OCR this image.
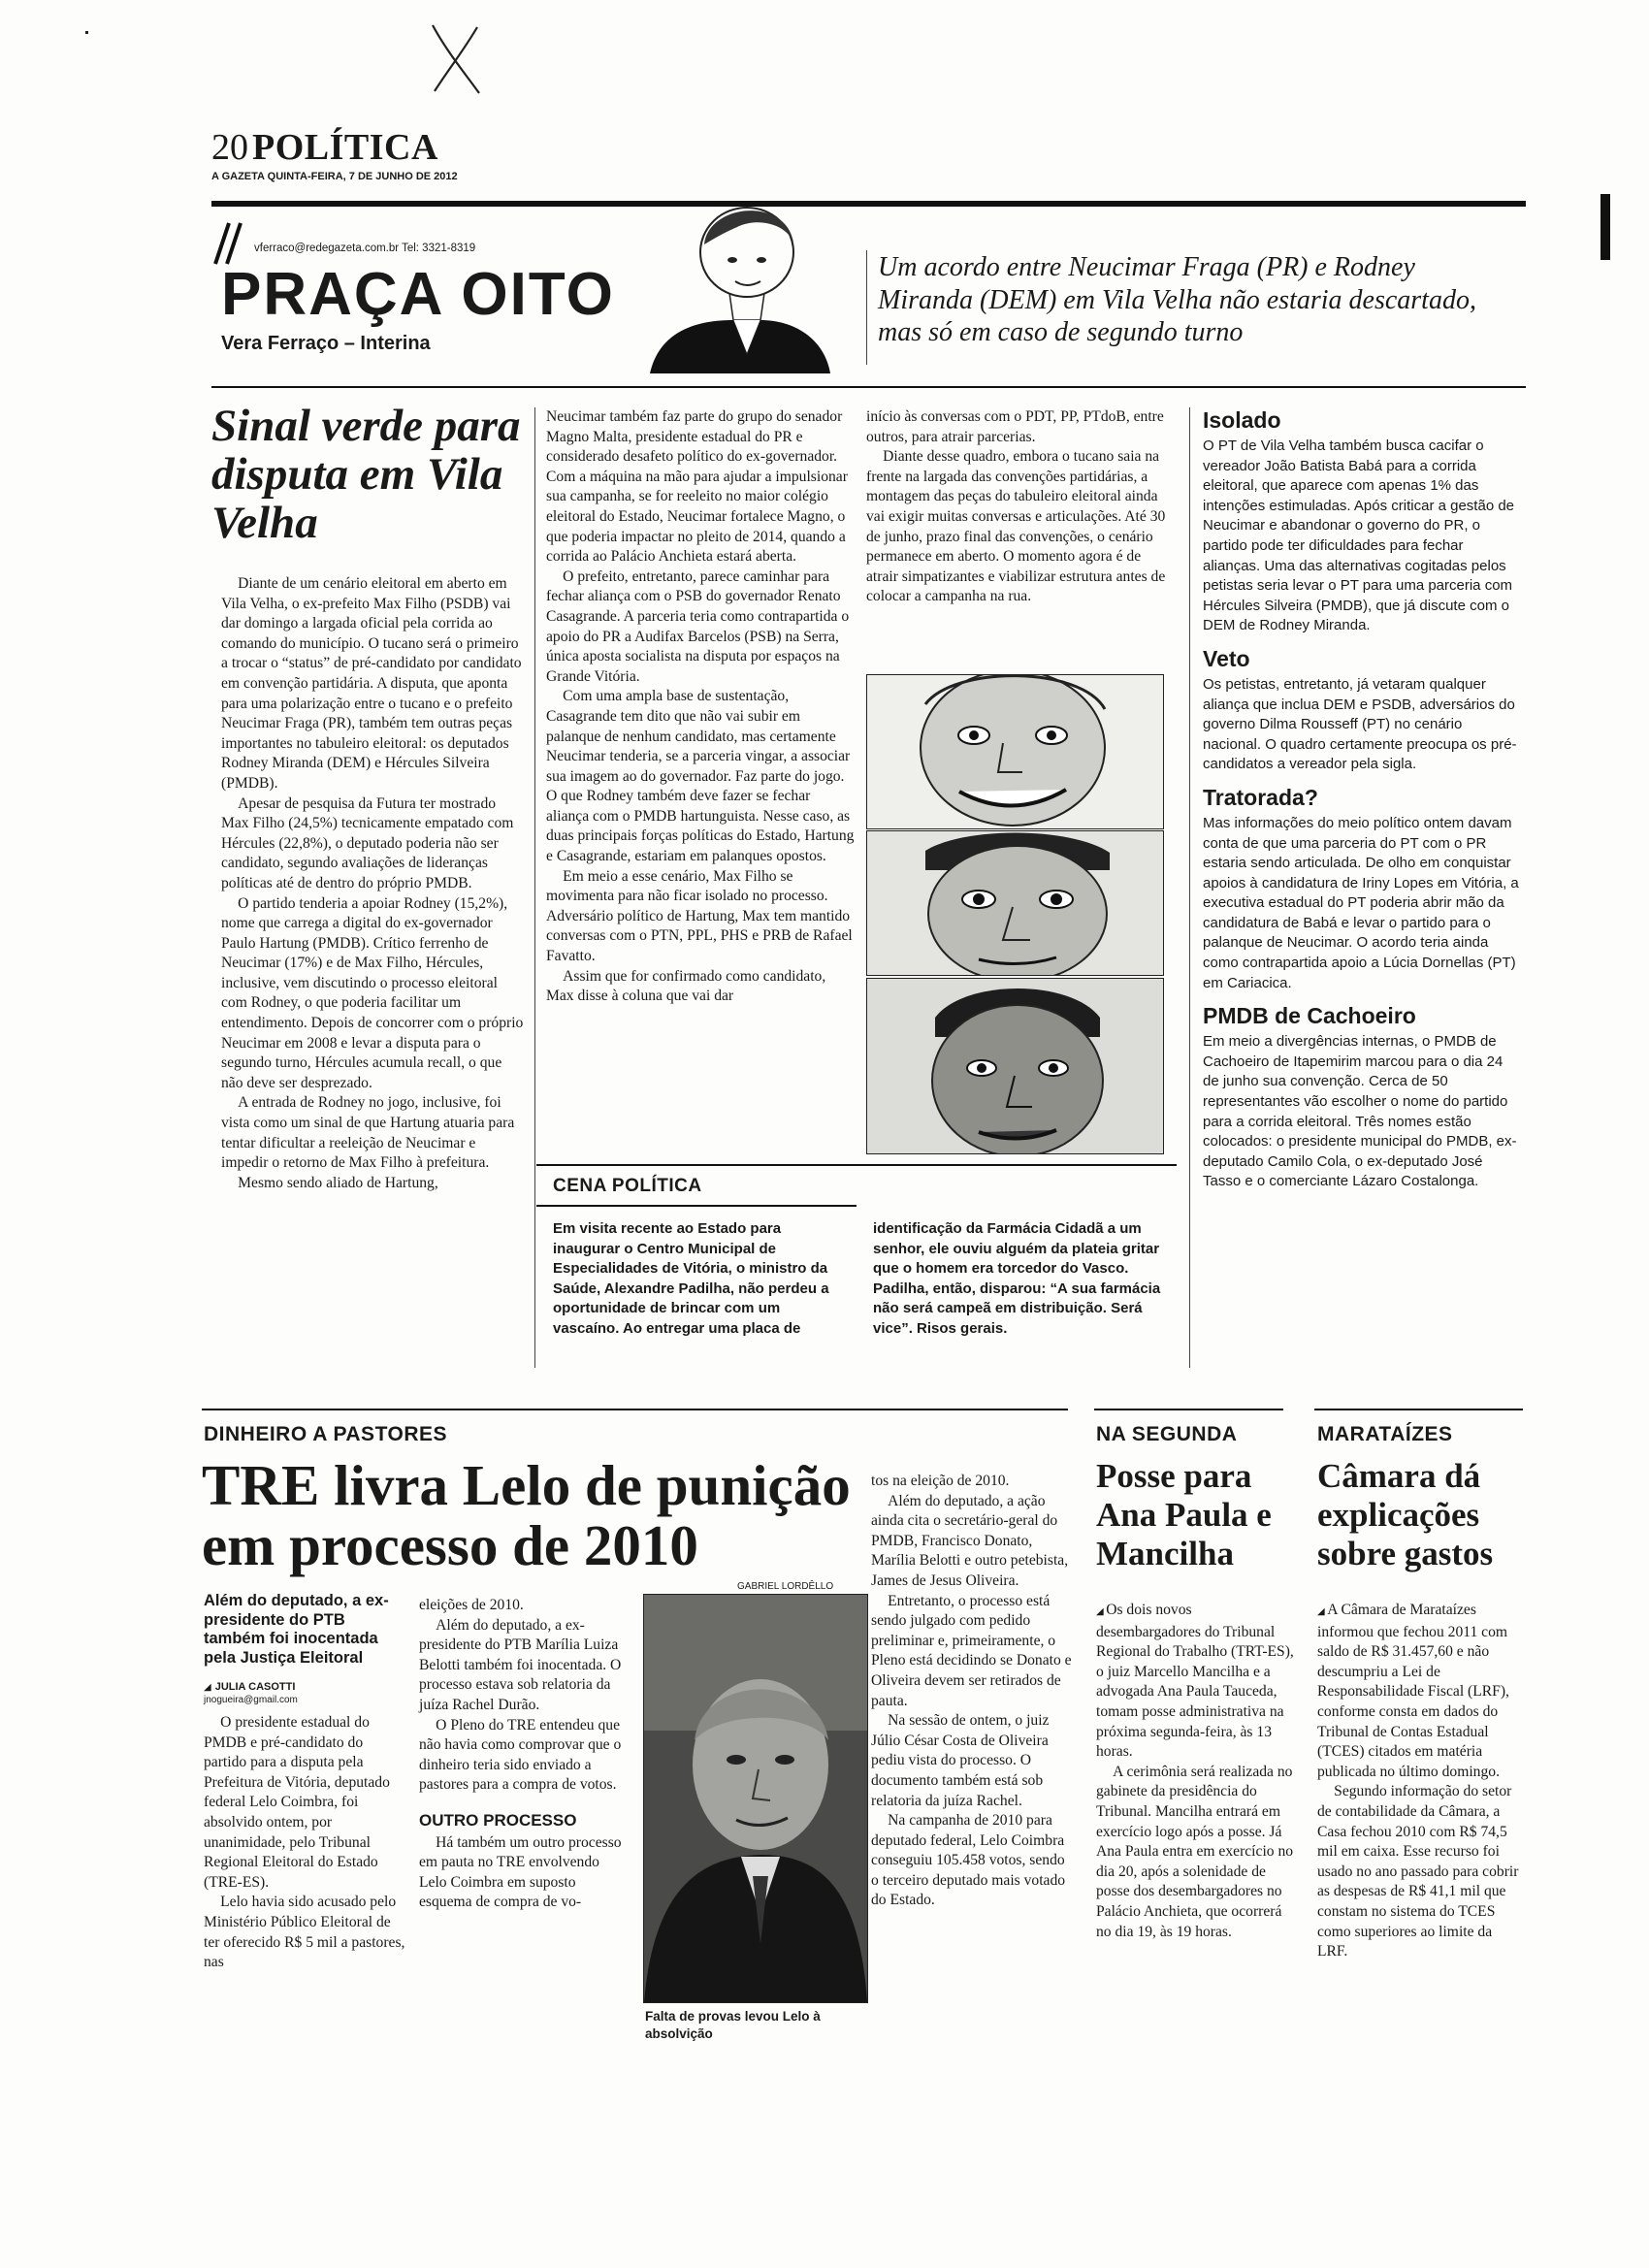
20 POLÍTICA
A GAZETA QUINTA-FEIRA, 7 DE JUNHO DE 2012
vferraco@redegazeta.com.br Tel: 3321-8319
PRAÇA OITO
Vera Ferraço – Interina
Um acordo entre Neucimar Fraga (PR) e Rodney Miranda (DEM) em Vila Velha não estaria descartado, mas só em caso de segundo turno
Sinal verde para disputa em Vila Velha

Diante de um cenário eleitoral em aberto em Vila Velha, o ex-prefeito Max Filho (PSDB) vai dar domingo a largada oficial pela corrida ao comando do município. O tucano será o primeiro a trocar o “status” de pré-candidato por candidato em convenção partidária. A disputa, que aponta para uma polarização entre o tucano e o prefeito Neucimar Fraga (PR), também tem outras peças importantes no tabuleiro eleitoral: os deputados Rodney Miranda (DEM) e Hércules Silveira (PMDB).

Apesar de pesquisa da Futura ter mostrado Max Filho (24,5%) tecnicamente empatado com Hércules (22,8%), o deputado poderia não ser candidato, segundo avaliações de lideranças políticas até de dentro do próprio PMDB.

O partido tenderia a apoiar Rodney (15,2%), nome que carrega a digital do ex-governador Paulo Hartung (PMDB). Crítico ferrenho de Neucimar (17%) e de Max Filho, Hércules, inclusive, vem discutindo o processo eleitoral com Rodney, o que poderia facilitar um entendimento. Depois de concorrer com o próprio Neucimar em 2008 e levar a disputa para o segundo turno, Hércules acumula recall, o que não deve ser desprezado.

A entrada de Rodney no jogo, inclusive, foi vista como um sinal de que Hartung atuaria para tentar dificultar a reeleição de Neucimar e impedir o retorno de Max Filho à prefeitura.

Mesmo sendo aliado de Hartung,

Neucimar também faz parte do grupo do senador Magno Malta, presidente estadual do PR e considerado desafeto político do ex-governador. Com a máquina na mão para ajudar a impulsionar sua campanha, se for reeleito no maior colégio eleitoral do Estado, Neucimar fortalece Magno, o que poderia impactar no pleito de 2014, quando a corrida ao Palácio Anchieta estará aberta.

O prefeito, entretanto, parece caminhar para fechar aliança com o PSB do governador Renato Casagrande. A parceria teria como contrapartida o apoio do PR a Audifax Barcelos (PSB) na Serra, única aposta socialista na disputa por espaços na Grande Vitória.

Com uma ampla base de sustentação, Casagrande tem dito que não vai subir em palanque de nenhum candidato, mas certamente Neucimar tenderia, se a parceria vingar, a associar sua imagem ao do governador. Faz parte do jogo. O que Rodney também deve fazer se fechar aliança com o PMDB hartunguista. Nesse caso, as duas principais forças políticas do Estado, Hartung e Casagrande, estariam em palanques opostos.

Em meio a esse cenário, Max Filho se movimenta para não ficar isolado no processo. Adversário político de Hartung, Max tem mantido conversas com o PTN, PPL, PHS e PRB de Rafael Favatto.

Assim que for confirmado como candidato, Max disse à coluna que vai dar

início às conversas com o PDT, PP, PTdoB, entre outros, para atrair parcerias.

Diante desse quadro, embora o tucano saia na frente na largada das convenções partidárias, a montagem das peças do tabuleiro eleitoral ainda vai exigir muitas conversas e articulações. Até 30 de junho, prazo final das convenções, o cenário permanece em aberto. O momento agora é de atrair simpatizantes e viabilizar estrutura antes de colocar a campanha na rua.

CENA POLÍTICA
Em visita recente ao Estado para inaugurar o Centro Municipal de Especialidades de Vitória, o ministro da Saúde, Alexandre Padilha, não perdeu a oportunidade de brincar com um vascaíno. Ao entregar uma placa de
identificação da Farmácia Cidadã a um senhor, ele ouviu alguém da plateia gritar que o homem era torcedor do Vasco. Padilha, então, disparou: “A sua farmácia não será campeã em distribuição. Será vice”. Risos gerais.
Isolado
O PT de Vila Velha também busca cacifar o vereador João Batista Babá para a corrida eleitoral, que aparece com apenas 1% das intenções estimuladas. Após criticar a gestão de Neucimar e abandonar o governo do PR, o partido pode ter dificuldades para fechar alianças. Uma das alternativas cogitadas pelos petistas seria levar o PT para uma parceria com Hércules Silveira (PMDB), que já discute com o DEM de Rodney Miranda.
Veto
Os petistas, entretanto, já vetaram qualquer aliança que inclua DEM e PSDB, adversários do governo Dilma Rousseff (PT) no cenário nacional. O quadro certamente preocupa os pré-candidatos a vereador pela sigla.
Tratorada?
Mas informações do meio político ontem davam conta de que uma parceria do PT com o PR estaria sendo articulada. De olho em conquistar apoios à candidatura de Iriny Lopes em Vitória, a executiva estadual do PT poderia abrir mão da candidatura de Babá e levar o partido para o palanque de Neucimar. O acordo teria ainda como contrapartida apoio a Lúcia Dornellas (PT) em Cariacica.
PMDB de Cachoeiro
Em meio a divergências internas, o PMDB de Cachoeiro de Itapemirim marcou para o dia 24 de junho sua convenção. Cerca de 50 representantes vão escolher o nome do partido para a corrida eleitoral. Três nomes estão colocados: o presidente municipal do PMDB, ex-deputado Camilo Cola, o ex-deputado José Tasso e o comerciante Lázaro Costalonga.
DINHEIRO A PASTORES
TRE livra Lelo de punição em processo de 2010
Além do deputado, a ex-presidente do PTB também foi inocentada pela Justiça Eleitoral
◢ JULIA CASOTTI
jnogueira@gmail.com

O presidente estadual do PMDB e pré-candidato do partido para a disputa pela Prefeitura de Vitória, deputado federal Lelo Coimbra, foi absolvido ontem, por unanimidade, pelo Tribunal Regional Eleitoral do Estado (TRE-ES).

Lelo havia sido acusado pelo Ministério Público Eleitoral de ter oferecido R$ 5 mil a pastores, nas

eleições de 2010.

Além do deputado, a ex-presidente do PTB Marília Luiza Belotti também foi inocentada. O processo estava sob relatoria da juíza Rachel Durão.

O Pleno do TRE entendeu que não havia como comprovar que o dinheiro teria sido enviado a pastores para a compra de votos.

OUTRO PROCESSO

Há também um outro processo em pauta no TRE envolvendo Lelo Coimbra em suposto esquema de compra de vo-

GABRIEL LORDÊLLO
Falta de provas levou Lelo à absolvição

tos na eleição de 2010.

Além do deputado, a ação ainda cita o secretário-geral do PMDB, Francisco Donato, Marília Belotti e outro petebista, James de Jesus Oliveira.

Entretanto, o processo está sendo julgado com pedido preliminar e, primeiramente, o Pleno está decidindo se Donato e Oliveira devem ser retirados de pauta.

Na sessão de ontem, o juiz Júlio César Costa de Oliveira pediu vista do processo. O documento também está sob relatoria da juíza Rachel.

Na campanha de 2010 para deputado federal, Lelo Coimbra conseguiu 105.458 votos, sendo o terceiro deputado mais votado do Estado.

NA SEGUNDA
Posse para Ana Paula e Mancilha

◢ Os dois novos desembargadores do Tribunal Regional do Trabalho (TRT-ES), o juiz Marcello Mancilha e a advogada Ana Paula Tauceda, tomam posse administrativa na próxima segunda-feira, às 13 horas.

A cerimônia será realizada no gabinete da presidência do Tribunal. Mancilha entrará em exercício logo após a posse. Já Ana Paula entra em exercício no dia 20, após a solenidade de posse dos desembargadores no Palácio Anchieta, que ocorrerá no dia 19, às 19 horas.

MARATAÍZES
Câmara dá explicações sobre gastos

◢ A Câmara de Marataízes informou que fechou 2011 com saldo de R$ 31.457,60 e não descumpriu a Lei de Responsabilidade Fiscal (LRF), conforme consta em dados do Tribunal de Contas Estadual (TCES) citados em matéria publicada no último domingo.

Segundo informação do setor de contabilidade da Câmara, a Casa fechou 2010 com R$ 74,5 mil em caixa. Esse recurso foi usado no ano passado para cobrir as despesas de R$ 41,1 mil que constam no sistema do TCES como superiores ao limite da LRF.
